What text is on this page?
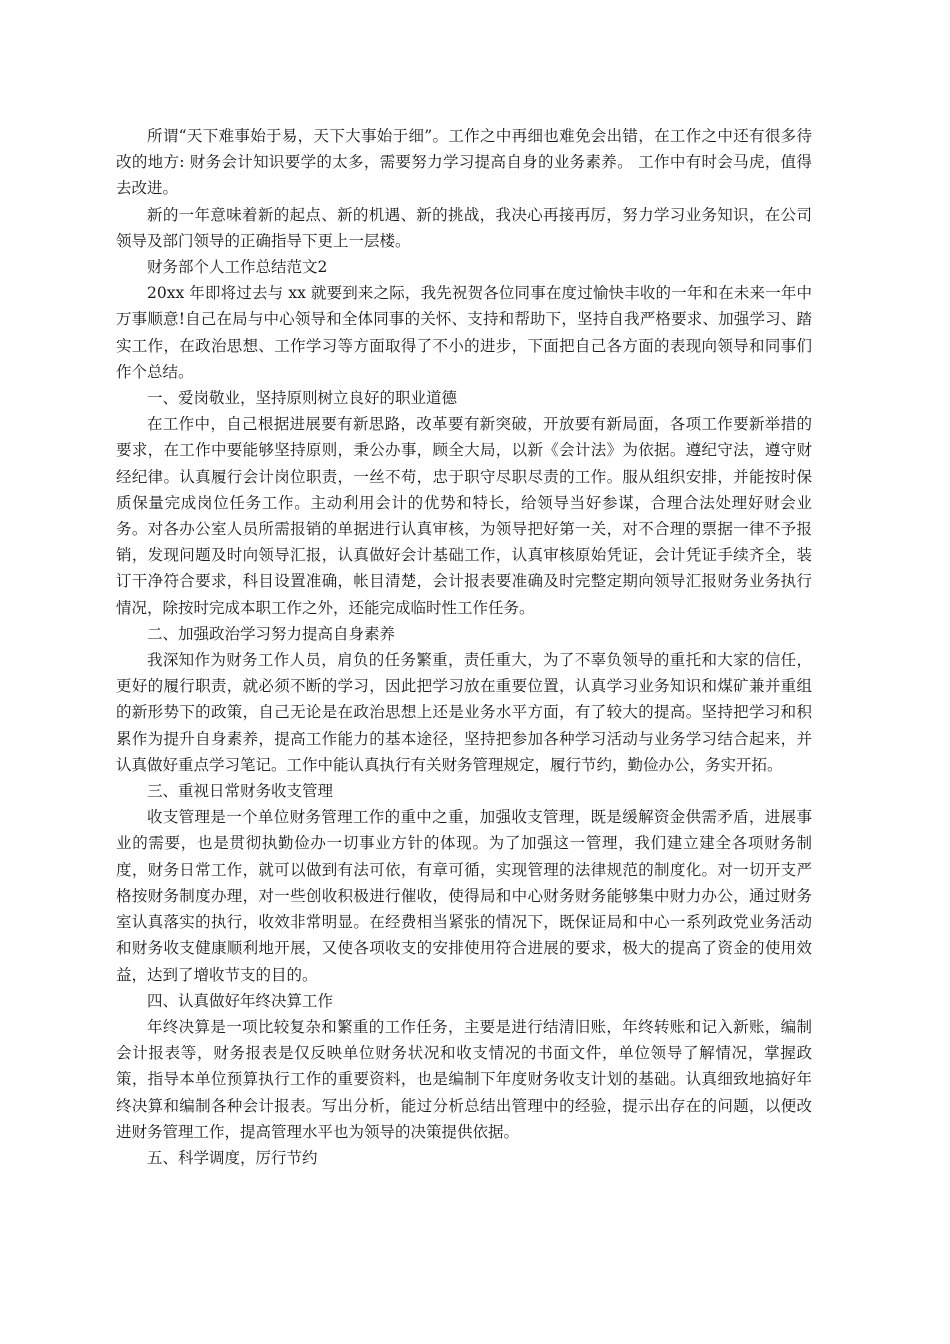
所谓“天下难事始于易，天下大事始于细”。工作之中再细也难免会出错，在工作之中还有很多待改的地方: 财务会计知识要学的太多，需要努力学习提高自身的业务素养。 工作中有时会马虎，值得去改进。

新的一年意味着新的起点、新的机遇、新的挑战，我决心再接再厉，努力学习业务知识，在公司领导及部门领导的正确指导下更上一层楼。

财务部个人工作总结范文2

20xx 年即将过去与 xx 就要到来之际，我先祝贺各位同事在度过愉快丰收的一年和在未来一年中万事顺意!自己在局与中心领导和全体同事的关怀、支持和帮助下，坚持自我严格要求、加强学习、踏实工作，在政治思想、工作学习等方面取得了不小的进步，下面把自己各方面的表现向领导和同事们作个总结。

一、爱岗敬业，坚持原则树立良好的职业道德

在工作中，自己根据进展要有新思路，改革要有新突破，开放要有新局面，各项工作要新举措的要求，在工作中要能够坚持原则，秉公办事，顾全大局，以新《会计法》为依据。遵纪守法，遵守财经纪律。认真履行会计岗位职责，一丝不苟，忠于职守尽职尽责的工作。服从组织安排，并能按时保质保量完成岗位任务工作。主动利用会计的优势和特长，给领导当好参谋，合理合法处理好财会业务。对各办公室人员所需报销的单据进行认真审核，为领导把好第一关，对不合理的票据一律不予报销，发现问题及时向领导汇报，认真做好会计基础工作，认真审核原始凭证，会计凭证手续齐全，装订干净符合要求，科目设置准确，帐目清楚，会计报表要准确及时完整定期向领导汇报财务业务执行情况，除按时完成本职工作之外，还能完成临时性工作任务。

二、加强政治学习努力提高自身素养

我深知作为财务工作人员，肩负的任务繁重，责任重大，为了不辜负领导的重托和大家的信任，更好的履行职责，就必须不断的学习，因此把学习放在重要位置，认真学习业务知识和煤矿兼并重组的新形势下的政策，自己无论是在政治思想上还是业务水平方面，有了较大的提高。坚持把学习和积累作为提升自身素养，提高工作能力的基本途径，坚持把参加各种学习活动与业务学习结合起来，并认真做好重点学习笔记。工作中能认真执行有关财务管理规定，履行节约，勤俭办公，务实开拓。

三、重视日常财务收支管理

收支管理是一个单位财务管理工作的重中之重，加强收支管理，既是缓解资金供需矛盾，进展事业的需要，也是贯彻执勤俭办一切事业方针的体现。为了加强这一管理，我们建立建全各项财务制度，财务日常工作，就可以做到有法可依，有章可循，实现管理的法律规范的制度化。对一切开支严格按财务制度办理，对一些创收积极进行催收，使得局和中心财务财务能够集中财力办公，通过财务室认真落实的执行，收效非常明显。在经费相当紧张的情况下，既保证局和中心一系列政党业务活动和财务收支健康顺利地开展，又使各项收支的安排使用符合进展的要求，极大的提高了资金的使用效益，达到了增收节支的目的。

四、认真做好年终决算工作

年终决算是一项比较复杂和繁重的工作任务，主要是进行结清旧账，年终转账和记入新账，编制会计报表等，财务报表是仅反映单位财务状况和收支情况的书面文件，单位领导了解情况，掌握政策，指导本单位预算执行工作的重要资料，也是编制下年度财务收支计划的基础。认真细致地搞好年终决算和编制各种会计报表。写出分析，能过分析总结出管理中的经验，提示出存在的问题，以便改进财务管理工作，提高管理水平也为领导的决策提供依据。

五、科学调度，厉行节约
